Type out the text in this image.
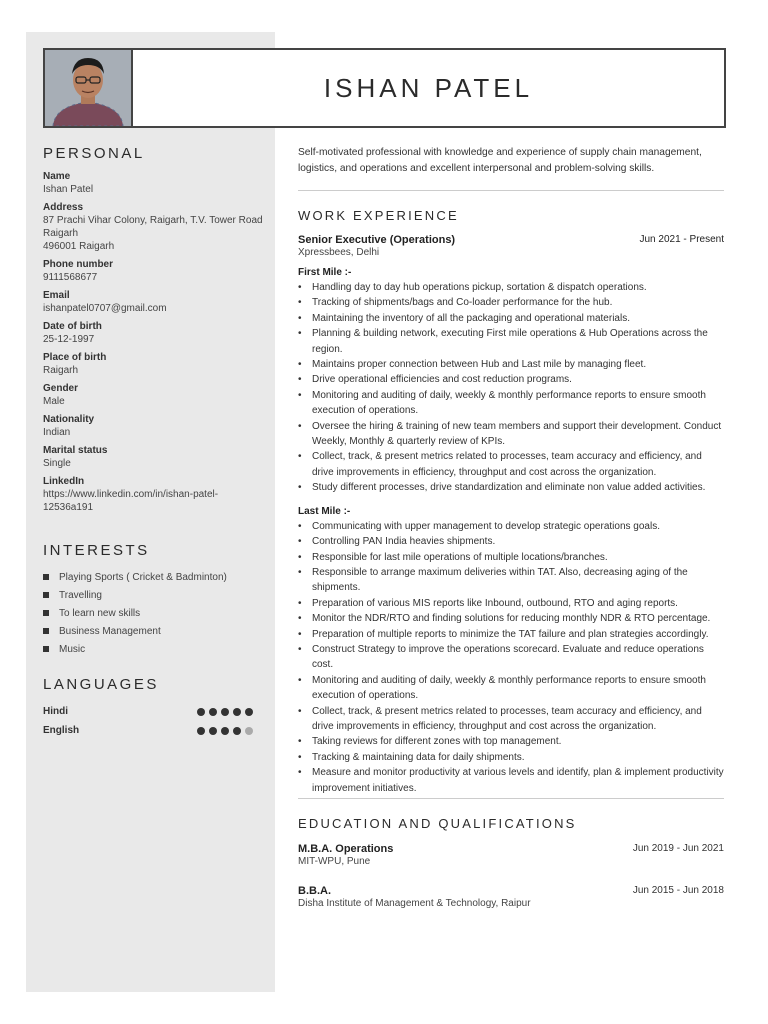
ISHAN PATEL
PERSONAL
Name
Ishan Patel
Address
87 Prachi Vihar Colony, Raigarh, T.V. Tower Road
Raigarh
496001 Raigarh
Phone number
9111568677
Email
ishanpatel0707@gmail.com
Date of birth
25-12-1997
Place of birth
Raigarh
Gender
Male
Nationality
Indian
Marital status
Single
LinkedIn
https://www.linkedin.com/in/ishan-patel-
12536a191
INTERESTS
Playing Sports ( Cricket & Badminton)
Travelling
To learn new skills
Business Management
Music
LANGUAGES
Hindi
English

Self-motivated professional with knowledge and experience of supply chain management, logistics, and operations and excellent interpersonal and problem-solving skills.

WORK EXPERIENCE
Senior Executive (Operations)	Jun 2021 - Present
Xpressbees, Delhi
First Mile :-
• Handling day to day hub operations pickup, sortation & dispatch operations.
• Tracking of shipments/bags and Co-loader performance for the hub.
• Maintaining the inventory of all the packaging and operational materials.
• Planning & building network, executing First mile operations & Hub Operations across the region.
• Maintains proper connection between Hub and Last mile by managing fleet.
• Drive operational efficiencies and cost reduction programs.
• Monitoring and auditing of daily, weekly & monthly performance reports to ensure smooth execution of operations.
• Oversee the hiring & training of new team members and support their development. Conduct Weekly, Monthly & quarterly review of KPIs.
• Collect, track, & present metrics related to processes, team accuracy and efficiency, and drive improvements in efficiency, throughput and cost across the organization.
• Study different processes, drive standardization and eliminate non value added activities.
Last Mile :-
• Communicating with upper management to develop strategic operations goals.
• Controlling PAN India heavies shipments.
• Responsible for last mile operations of multiple locations/branches.
• Responsible to arrange maximum deliveries within TAT. Also, decreasing aging of the shipments.
• Preparation of various MIS reports like Inbound, outbound, RTO and aging reports.
• Monitor the NDR/RTO and finding solutions for reducing monthly NDR & RTO percentage.
• Preparation of multiple reports to minimize the TAT failure and plan strategies accordingly.
• Construct Strategy to improve the operations scorecard. Evaluate and reduce operations cost.
• Monitoring and auditing of daily, weekly & monthly performance reports to ensure smooth execution of operations.
• Collect, track, & present metrics related to processes, team accuracy and efficiency, and drive improvements in efficiency, throughput and cost across the organization.
• Taking reviews for different zones with top management.
• Tracking & maintaining data for daily shipments.
• Measure and monitor productivity at various levels and identify, plan & implement productivity improvement initiatives.
EDUCATION AND QUALIFICATIONS
M.B.A. Operations	Jun 2019 - Jun 2021
MIT-WPU, Pune
B.B.A.	Jun 2015 - Jun 2018
Disha Institute of Management & Technology, Raipur
